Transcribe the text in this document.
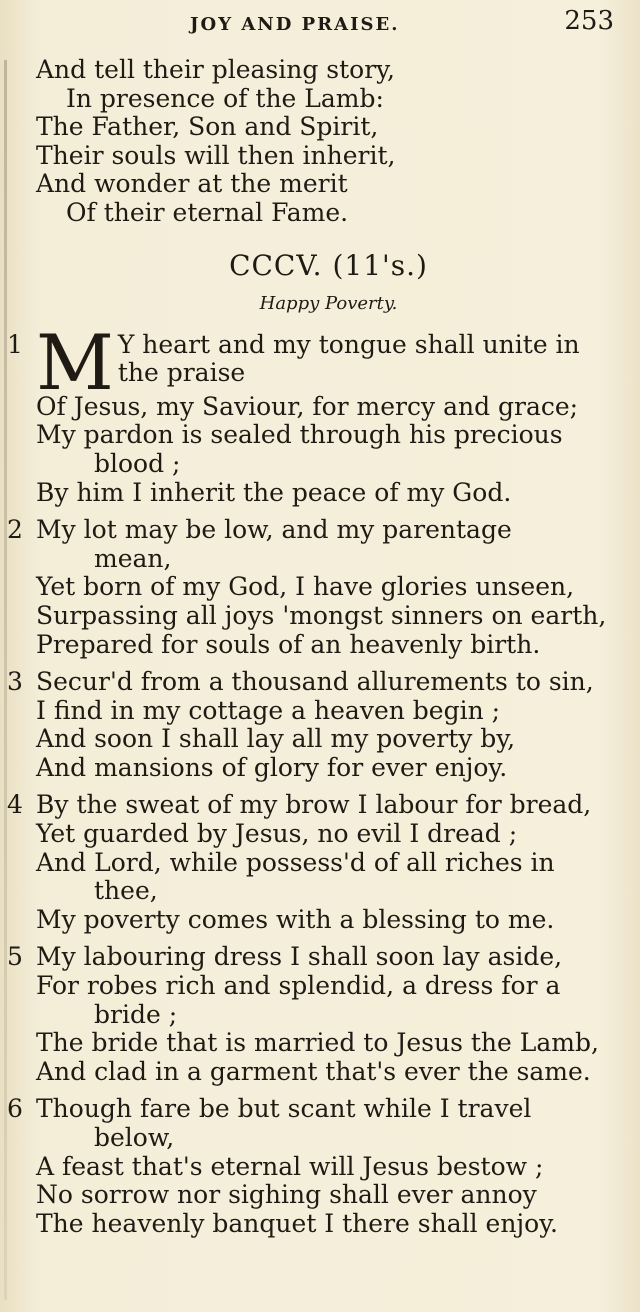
JOY AND PRAISE.	253
And tell their pleasing story,
In presence of the Lamb:
The Father, Son and Spirit,
Their souls will then inherit,
And wonder at the merit
Of their eternal Fame.
CCCV. (11's.)
Happy Poverty.
1 M Y heart and my tongue shall unite in
the praise
Of Jesus, my Saviour, for mercy and grace;
My pardon is sealed through his precious
blood ;
By him I inherit the peace of my God.
2 My lot may be low, and my parentage
mean,
Yet born of my God, I have glories unseen,
Surpassing all joys 'mongst sinners on earth,
Prepared for souls of an heavenly birth.
3 Secur'd from a thousand allurements to sin,
I find in my cottage a heaven begin ;
And soon I shall lay all my poverty by,
And mansions of glory for ever enjoy.
4 By the sweat of my brow I labour for bread,
Yet guarded by Jesus, no evil I dread ;
And Lord, while possess'd of all riches in
thee,
My poverty comes with a blessing to me.
5 My labouring dress I shall soon lay aside,
For robes rich and splendid, a dress for a
bride ;
The bride that is married to Jesus the Lamb,
And clad in a garment that's ever the same.
6 Though fare be but scant while I travel
below,
A feast that's eternal will Jesus bestow ;
No sorrow nor sighing shall ever annoy
The heavenly banquet I there shall enjoy.
